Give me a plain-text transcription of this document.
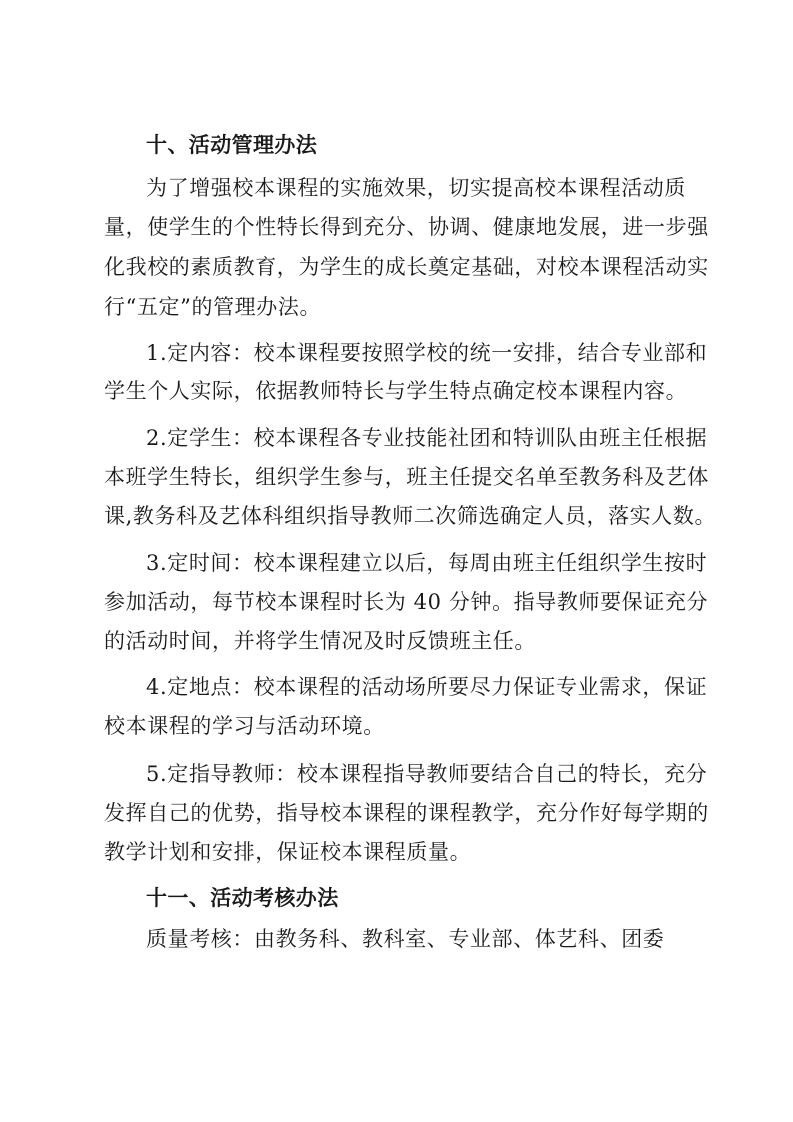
十、活动管理办法
为了增强校本课程的实施效果，切实提高校本课程活动质
量，使学生的个性特长得到充分、协调、健康地发展，进一步强
化我校的素质教育，为学生的成长奠定基础，对校本课程活动实
行“五定”的管理办法。
1.定内容：校本课程要按照学校的统一安排，结合专业部和
学生个人实际，依据教师特长与学生特点确定校本课程内容。
2.定学生：校本课程各专业技能社团和特训队由班主任根据
本班学生特长，组织学生参与，班主任提交名单至教务科及艺体
课,教务科及艺体科组织指导教师二次筛选确定人员，落实人数。
3.定时间：校本课程建立以后，每周由班主任组织学生按时
参加活动，每节校本课程时长为 40 分钟。指导教师要保证充分
的活动时间，并将学生情况及时反馈班主任。
4.定地点：校本课程的活动场所要尽力保证专业需求，保证
校本课程的学习与活动环境。
5.定指导教师：校本课程指导教师要结合自己的特长，充分
发挥自己的优势，指导校本课程的课程教学，充分作好每学期的
教学计划和安排，保证校本课程质量。
十一、活动考核办法
质量考核：由教务科、教科室、专业部、体艺科、团委
